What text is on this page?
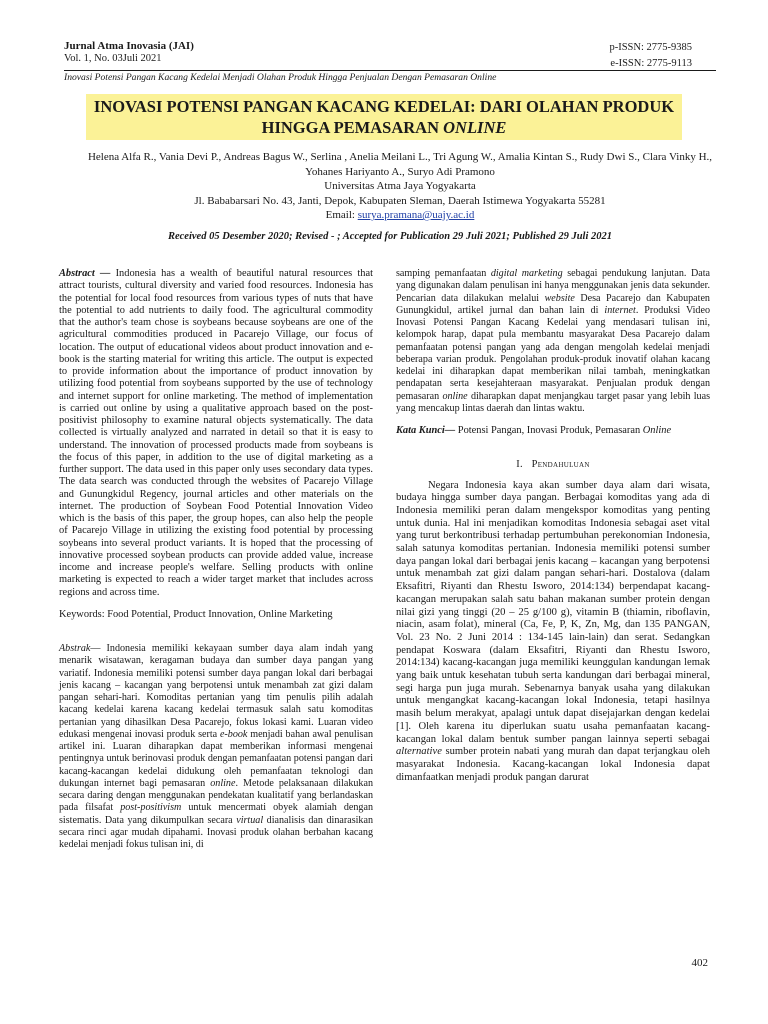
Jurnal Atma Inovasia (JAI)
Vol. 1, No. 03Juli 2021
p-ISSN: 2775-9385
e-ISSN: 2775-9113
Inovasi Potensi Pangan Kacang Kedelai Menjadi Olahan Produk Hingga Penjualan Dengan Pemasaran Online
INOVASI POTENSI PANGAN KACANG KEDELAI: DARI OLAHAN PRODUK
HINGGA PEMASARAN ONLINE
Helena Alfa R., Vania Devi P., Andreas Bagus W., Serlina , Anelia Meilani L., Tri Agung W., Amalia Kintan S., Rudy Dwi S., Clara Vinky H., Yohanes Hariyanto A., Suryo Adi Pramono
Universitas Atma Jaya Yogyakarta
Jl. Bababarsari No. 43, Janti, Depok, Kabupaten Sleman, Daerah Istimewa Yogyakarta 55281
Email: surya.pramana@uajy.ac.id
Received 05 Desember 2020; Revised - ; Accepted for Publication 29 Juli 2021; Published 29 Juli 2021

Abstract — Indonesia has a wealth of beautiful natural resources that attract tourists, cultural diversity and varied food resources. Indonesia has the potential for local food resources from various types of nuts that have the potential to add nutrients to daily food. The agricultural commodity that the author's team chose is soybeans because soybeans are one of the agricultural commodities produced in Pacarejo Village, our focus of location. The output of educational videos about product innovation and e-book is the starting material for writing this article. The output is expected to provide information about the importance of product innovation by utilizing food potential from soybeans supported by the use of technology and internet support for online marketing. The method of implementation is carried out online by using a qualitative approach based on the post-positivist philosophy to examine natural objects systematically. The data collected is virtually analyzed and narrated in detail so that it is easy to understand. The innovation of processed products made from soybeans is the focus of this paper, in addition to the use of digital marketing as a further support. The data used in this paper only uses secondary data types. The data search was conducted through the websites of Pacarejo Village and Gunungkidul Regency, journal articles and other materials on the internet. The production of Soybean Food Potential Innovation Video which is the basis of this paper, the group hopes, can also help the people of Pacarejo Village in utilizing the existing food potential by processing soybeans into several product variants. It is hoped that the processing of innovative processed soybean products can provide added value, increase income and increase people's welfare. Selling products with online marketing is expected to reach a wider target market that includes across regions and across time.

Keywords: Food Potential, Product Innovation, Online Marketing

Abstrak— Indonesia memiliki kekayaan sumber daya alam indah yang menarik wisatawan, keragaman budaya dan sumber daya pangan yang variatif. Indonesia memiliki potensi sumber daya pangan lokal dari berbagai jenis kacang – kacangan yang berpotensi untuk menambah zat gizi dalam pangan sehari-hari. Komoditas pertanian yang tim penulis pilih adalah kacang kedelai karena kacang kedelai termasuk salah satu komoditas pertanian yang dihasilkan Desa Pacarejo, fokus lokasi kami. Luaran video edukasi mengenai inovasi produk serta e-book menjadi bahan awal penulisan artikel ini. Luaran diharapkan dapat memberikan informasi mengenai pentingnya untuk berinovasi produk dengan pemanfaatan potensi pangan dari kacang-kacangan kedelai didukung oleh pemanfaatan teknologi dan dukungan internet bagi pemasaran online. Metode pelaksanaan dilakukan secara daring dengan menggunakan pendekatan kualitatif yang berlandaskan pada filsafat post-positivism untuk mencermati obyek alamiah dengan sistematis. Data yang dikumpulkan secara virtual dianalisis dan dinarasikan secara rinci agar mudah dipahami. Inovasi produk olahan berbahan kacang kedelai menjadi fokus tulisan ini, di

samping pemanfaatan digital marketing sebagai pendukung lanjutan. Data yang digunakan dalam penulisan ini hanya menggunakan jenis data sekunder. Pencarian data dilakukan melalui website Desa Pacarejo dan Kabupaten Gunungkidul, artikel jurnal dan bahan lain di internet. Produksi Video Inovasi Potensi Pangan Kacang Kedelai yang mendasari tulisan ini, kelompok harap, dapat pula membantu masyarakat Desa Pacarejo dalam pemanfaatan potensi pangan yang ada dengan mengolah kedelai menjadi beberapa varian produk. Pengolahan produk-produk inovatif olahan kacang kedelai ini diharapkan dapat memberikan nilai tambah, meningkatkan pendapatan serta kesejahteraan masyarakat. Penjualan produk dengan pemasaran online diharapkan dapat menjangkau target pasar yang lebih luas yang mencakup lintas daerah dan lintas waktu.

Kata Kunci— Potensi Pangan, Inovasi Produk, Pemasaran Online

I. Pendahuluan

Negara Indonesia kaya akan sumber daya alam dari wisata, budaya hingga sumber daya pangan. Berbagai komoditas yang ada di Indonesia memiliki peran dalam mengekspor komoditas yang penting untuk dunia. Hal ini menjadikan komoditas Indonesia sebagai aset vital yang turut berkontribusi terhadap pertumbuhan perekonomian Indonesia, salah satunya komoditas pertanian. Indonesia memiliki potensi sumber daya pangan lokal dari berbagai jenis kacang – kacangan yang berpotensi untuk menambah zat gizi dalam pangan sehari-hari. Dostalova (dalam Eksafitri, Riyanti dan Rhestu Isworo, 2014:134) berpendapat kacang-kacangan merupakan salah satu bahan makanan sumber protein dengan nilai gizi yang tinggi (20 – 25 g/100 g), vitamin B (thiamin, riboflavin, niacin, asam folat), mineral (Ca, Fe, P, K, Zn, Mg, dan 135 PANGAN, Vol. 23 No. 2 Juni 2014 : 134-145 lain-lain) dan serat. Sedangkan pendapat Koswara (dalam Eksafitri, Riyanti dan Rhestu Isworo, 2014:134) kacang-kacangan juga memiliki keunggulan kandungan lemak yang baik untuk kesehatan tubuh serta kandungan dari berbagai mineral, segi harga pun juga murah. Sebenarnya banyak usaha yang dilakukan untuk mengangkat kacang-kacangan lokal Indonesia, tetapi hasilnya masih belum merakyat, apalagi untuk dapat disejajarkan dengan kedelai [1]. Oleh karena itu diperlukan suatu usaha pemanfaatan kacang-kacangan lokal dalam bentuk sumber pangan lainnya seperti sebagai alternative sumber protein nabati yang murah dan dapat terjangkau oleh masyarakat Indonesia. Kacang-kacangan lokal Indonesia dapat dimanfaatkan menjadi produk pangan darurat

402
